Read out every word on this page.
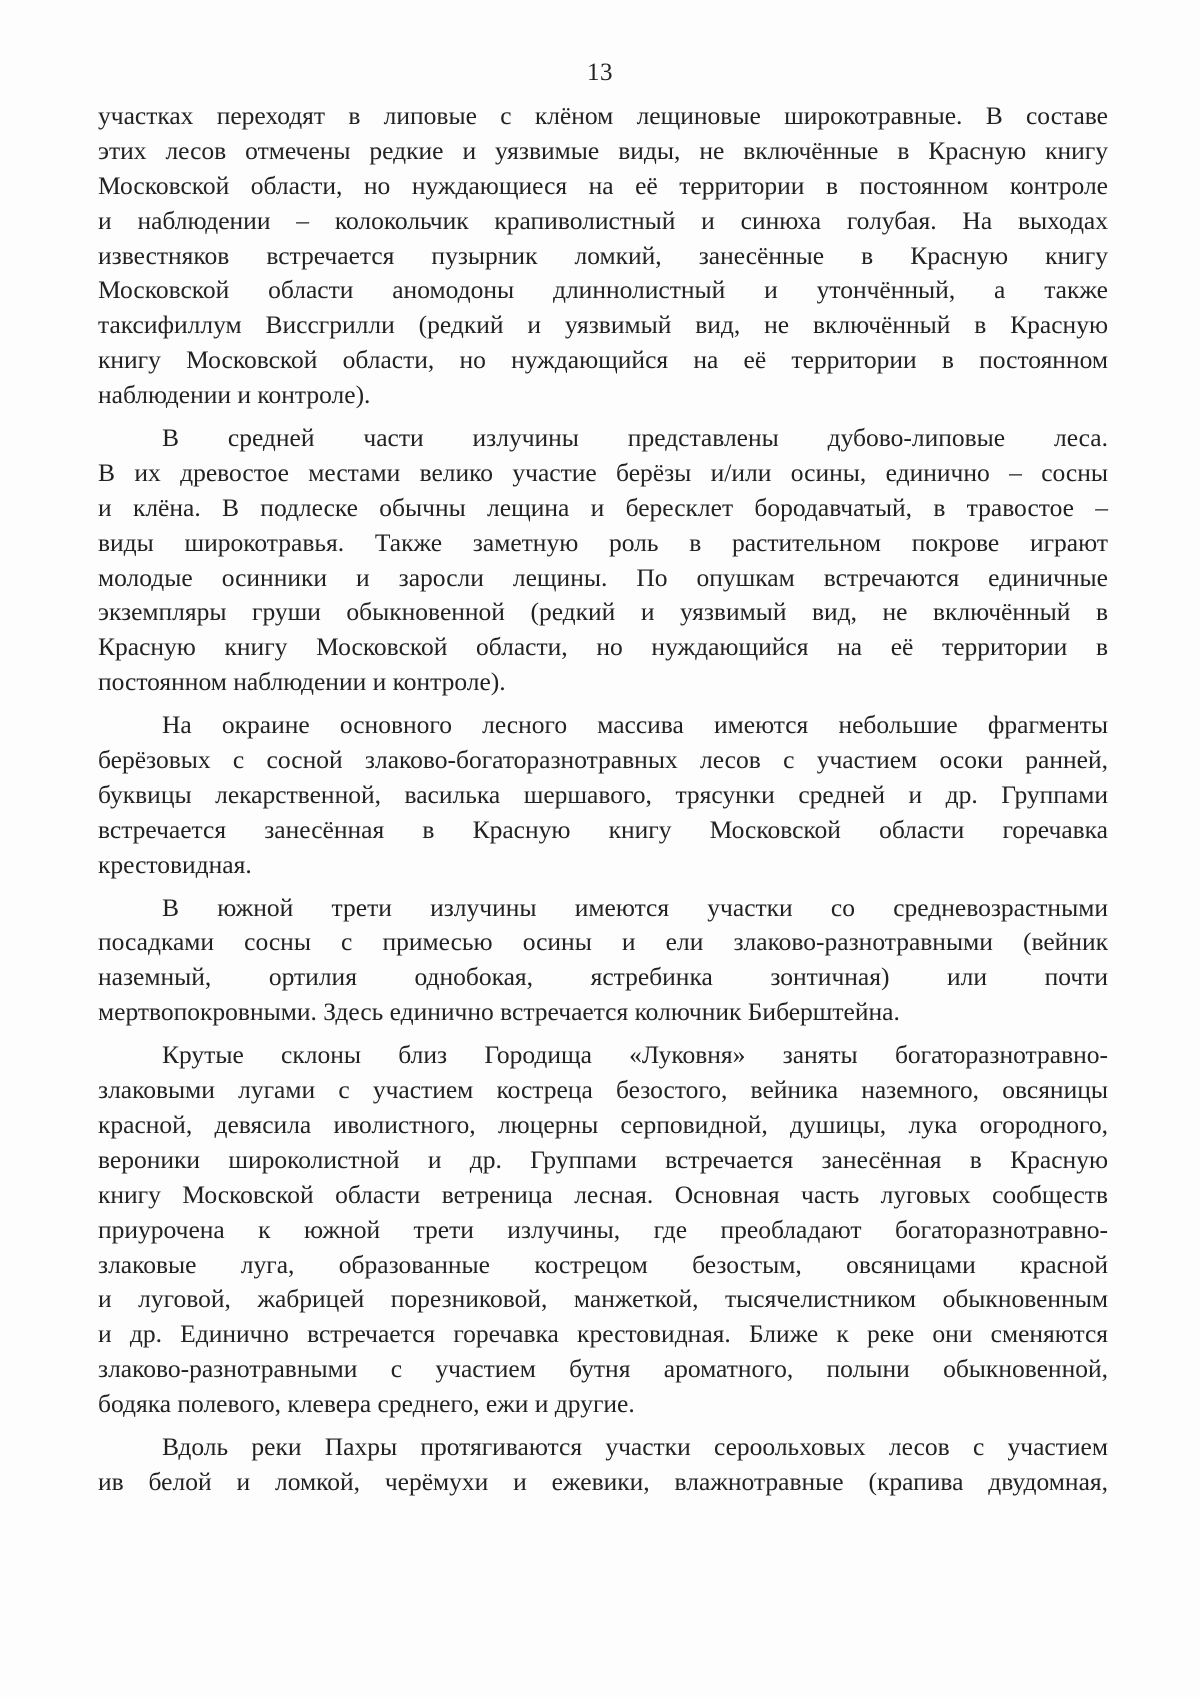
13
участках переходят в липовые с клёном лещиновые широкотравные. В составе
этих лесов отмечены редкие и уязвимые виды, не включённые в Красную книгу
Московской области, но нуждающиеся на её территории в постоянном контроле
и наблюдении – колокольчик крапиволистный и синюха голубая. На выходах
известняков встречается пузырник ломкий, занесённые в Красную книгу
Московской области аномодоны длиннолистный и утончённый, а также
таксифиллум Виссгрилли (редкий и уязвимый вид, не включённый в Красную
книгу Московской области, но нуждающийся на её территории в постоянном
наблюдении и контроле).
В средней части излучины представлены дубово-липовые леса.
В их древостое местами велико участие берёзы и/или осины, единично – сосны
и клёна. В подлеске обычны лещина и бересклет бородавчатый, в травостое –
виды широкотравья. Также заметную роль в растительном покрове играют
молодые осинники и заросли лещины. По опушкам встречаются единичные
экземпляры груши обыкновенной (редкий и уязвимый вид, не включённый в
Красную книгу Московской области, но нуждающийся на её территории в
постоянном наблюдении и контроле).
На окраине основного лесного массива имеются небольшие фрагменты
берёзовых с сосной злаково-богаторазнотравных лесов с участием осоки ранней,
буквицы лекарственной, василька шершавого, трясунки средней и др. Группами
встречается занесённая в Красную книгу Московской области горечавка
крестовидная.
В южной трети излучины имеются участки со средневозрастными
посадками сосны с примесью осины и ели злаково-разнотравными (вейник
наземный, ортилия однобокая, ястребинка зонтичная) или почти
мертвопокровными. Здесь единично встречается колючник Биберштейна.
Крутые склоны близ Городища «Луковня» заняты богаторазнотравно-
злаковыми лугами с участием костреца безостого, вейника наземного, овсяницы
красной, девясила иволистного, люцерны серповидной, душицы, лука огородного,
вероники широколистной и др. Группами встречается занесённая в Красную
книгу Московской области ветреница лесная. Основная часть луговых сообществ
приурочена к южной трети излучины, где преобладают богаторазнотравно-
злаковые луга, образованные кострецом безостым, овсяницами красной
и луговой, жабрицей порезниковой, манжеткой, тысячелистником обыкновенным
и др. Единично встречается горечавка крестовидная. Ближе к реке они сменяются
злаково-разнотравными с участием бутня ароматного, полыни обыкновенной,
бодяка полевого, клевера среднего, ежи и другие.
Вдоль реки Пахры протягиваются участки сероольховых лесов с участием
ив белой и ломкой, черёмухи и ежевики, влажнотравные (крапива двудомная,
